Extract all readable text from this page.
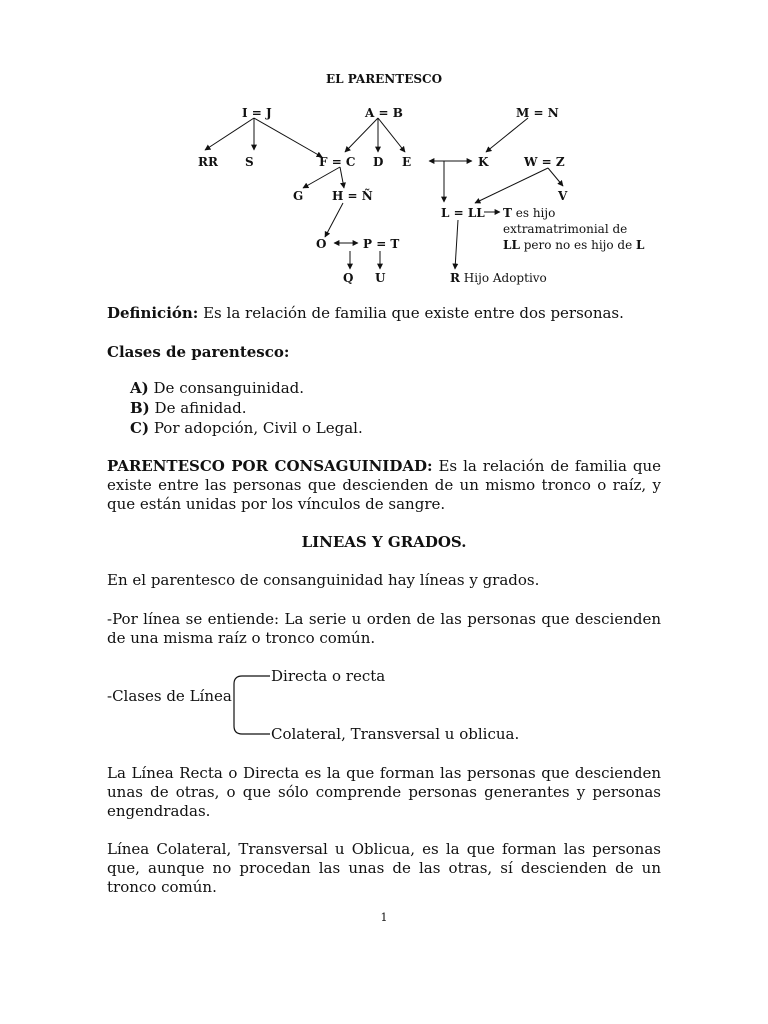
EL PARENTESCO
I = J	A = B	M = N
RR S	F = C D E	K	W = Z
G H = Ñ	V
L = LL
O	P = T
Q U
T es hijo
extramatrimonial de
LL pero no es hijo de L
R Hijo Adoptivo

Definición: Es la relación de familia que existe entre dos personas.

Clases de parentesco:

A) De consanguinidad.
B) De afinidad.
C) Por adopción, Civil o Legal.

PARENTESCO POR CONSAGUINIDAD: Es la relación de familia que existe entre las personas que descienden de un mismo tronco o raíz, y que están unidas por los vínculos de sangre.

LINEAS Y GRADOS.

En el parentesco de consanguinidad hay líneas y grados.

-Por línea se entiende: La serie u orden de las personas que descienden de una misma raíz o tronco común.

-Clases de Línea
Directa o recta
Colateral, Transversal u oblicua.

La Línea Recta o Directa es la que forman las personas que descienden unas de otras, o que sólo comprende personas generantes y personas engendradas.

Línea Colateral, Transversal u Oblicua, es la que forman las personas que, aunque no procedan las unas de las otras, sí descienden de un tronco común.

1
